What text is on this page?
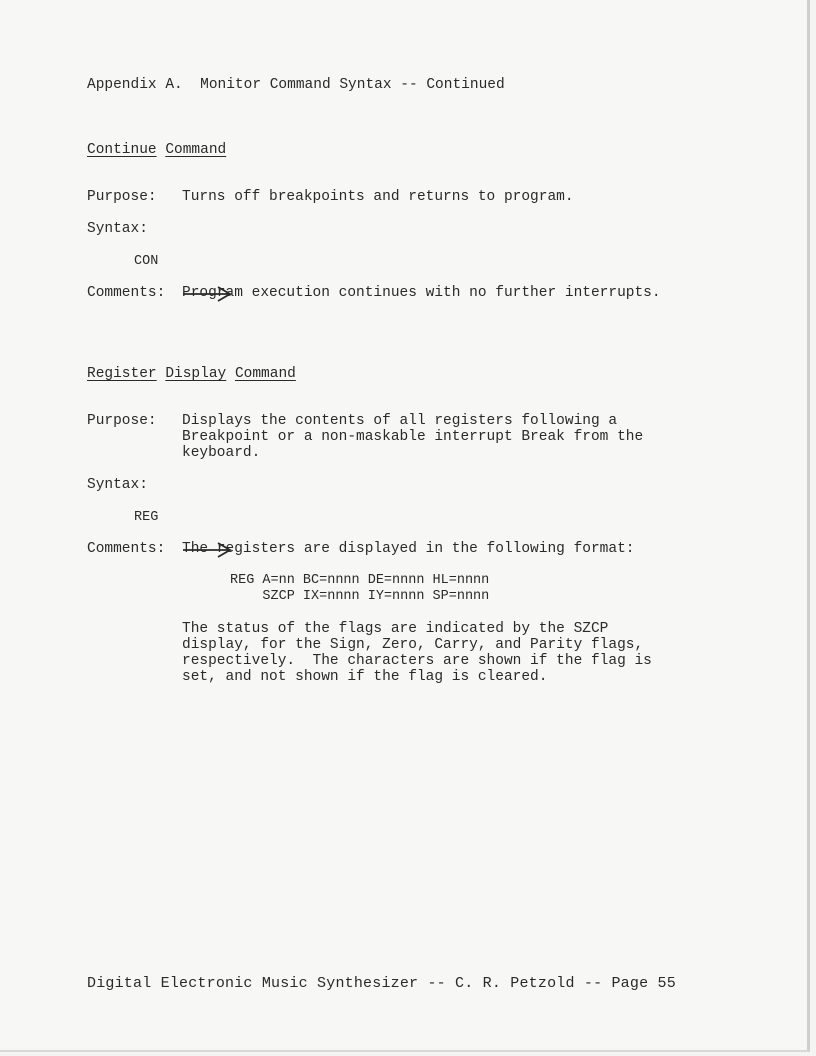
Appendix A.  Monitor Command Syntax -- Continued
Continue Command
Purpose: Turns off breakpoints and returns to program.
Syntax:
CON

Comments: Program execution continues with no further interrupts.
Register Display Command
Purpose: Displays the contents of all registers following a
Breakpoint or a non-maskable interrupt Break from the
keyboard.
Syntax:
REG

Comments: The registers are displayed in the following format:
REG A=nn BC=nnnn DE=nnnn HL=nnnn
SZCP IX=nnnn IY=nnnn SP=nnnn
The status of the flags are indicated by the SZCP
display, for the Sign, Zero, Carry, and Parity flags,
respectively.  The characters are shown if the flag is
set, and not shown if the flag is cleared.
Digital Electronic Music Synthesizer -- C. R. Petzold -- Page 55
